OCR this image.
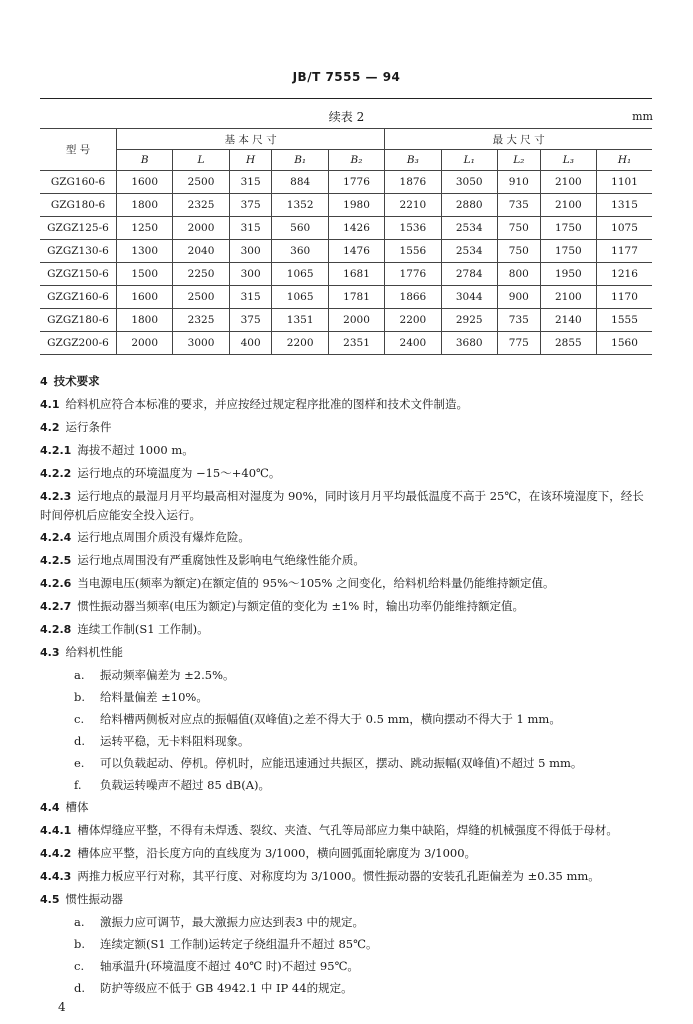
JB/T 7555 — 94
续表 2	mm
型 号	基 本 尺 寸					最 大 尺 寸				
	B	L	H	B₁	B₂	B₃	L₁	L₂	L₃	H₁
GZG160-6	1600	2500	315	884	1776	1876	3050	910	2100	1101
GZG180-6	1800	2325	375	1352	1980	2210	2880	735	2100	1315
GZGZ125-6	1250	2000	315	560	1426	1536	2534	750	1750	1075
GZGZ130-6	1300	2040	300	360	1476	1556	2534	750	1750	1177
GZGZ150-6	1500	2250	300	1065	1681	1776	2784	800	1950	1216
GZGZ160-6	1600	2500	315	1065	1781	1866	3044	900	2100	1170
GZGZ180-6	1800	2325	375	1351	2000	2200	2925	735	2140	1555
GZGZ200-6	2000	3000	400	2200	2351	2400	3680	775	2855	1560

4 技术要求

4.1 给料机应符合本标准的要求，并应按经过规定程序批准的图样和技术文件制造。

4.2 运行条件

4.2.1 海拔不超过 1000 m。

4.2.2 运行地点的环境温度为 −15～+40℃。

4.2.3 运行地点的最湿月月平均最高相对湿度为 90%，同时该月月平均最低温度不高于 25℃，在该环境湿度下，经长时间停机后应能安全投入运行。

4.2.4 运行地点周围介质没有爆炸危险。

4.2.5 运行地点周围没有严重腐蚀性及影响电气绝缘性能介质。

4.2.6 当电源电压(频率为额定)在额定值的 95%～105% 之间变化，给料机给料量仍能维持额定值。

4.2.7 惯性振动器当频率(电压为额定)与额定值的变化为 ±1% 时，输出功率仍能维持额定值。

4.2.8 连续工作制(S1 工作制)。

4.3 给料机性能

a. 振动频率偏差为 ±2.5%。

b. 给料量偏差 ±10%。

c. 给料槽两侧板对应点的振幅值(双峰值)之差不得大于 0.5 mm，横向摆动不得大于 1 mm。

d. 运转平稳，无卡料阻料现象。

e. 可以负载起动、停机。停机时，应能迅速通过共振区，摆动、跳动振幅(双峰值)不超过 5 mm。

f. 负载运转噪声不超过 85 dB(A)。

4.4 槽体

4.4.1 槽体焊缝应平整，不得有未焊透、裂纹、夹渣、气孔等局部应力集中缺陷，焊缝的机械强度不得低于母材。

4.4.2 槽体应平整，沿长度方向的直线度为 3/1000，横向圆弧面轮廓度为 3/1000。

4.4.3 两推力板应平行对称，其平行度、对称度均为 3/1000。惯性振动器的安装孔孔距偏差为 ±0.35 mm。

4.5 惯性振动器

a. 激振力应可调节，最大激振力应达到表3 中的规定。

b. 连续定额(S1 工作制)运转定子绕组温升不超过 85℃。

c. 轴承温升(环境温度不超过 40℃ 时)不超过 95℃。

d. 防护等级应不低于 GB 4942.1 中 IP 44的规定。

4
